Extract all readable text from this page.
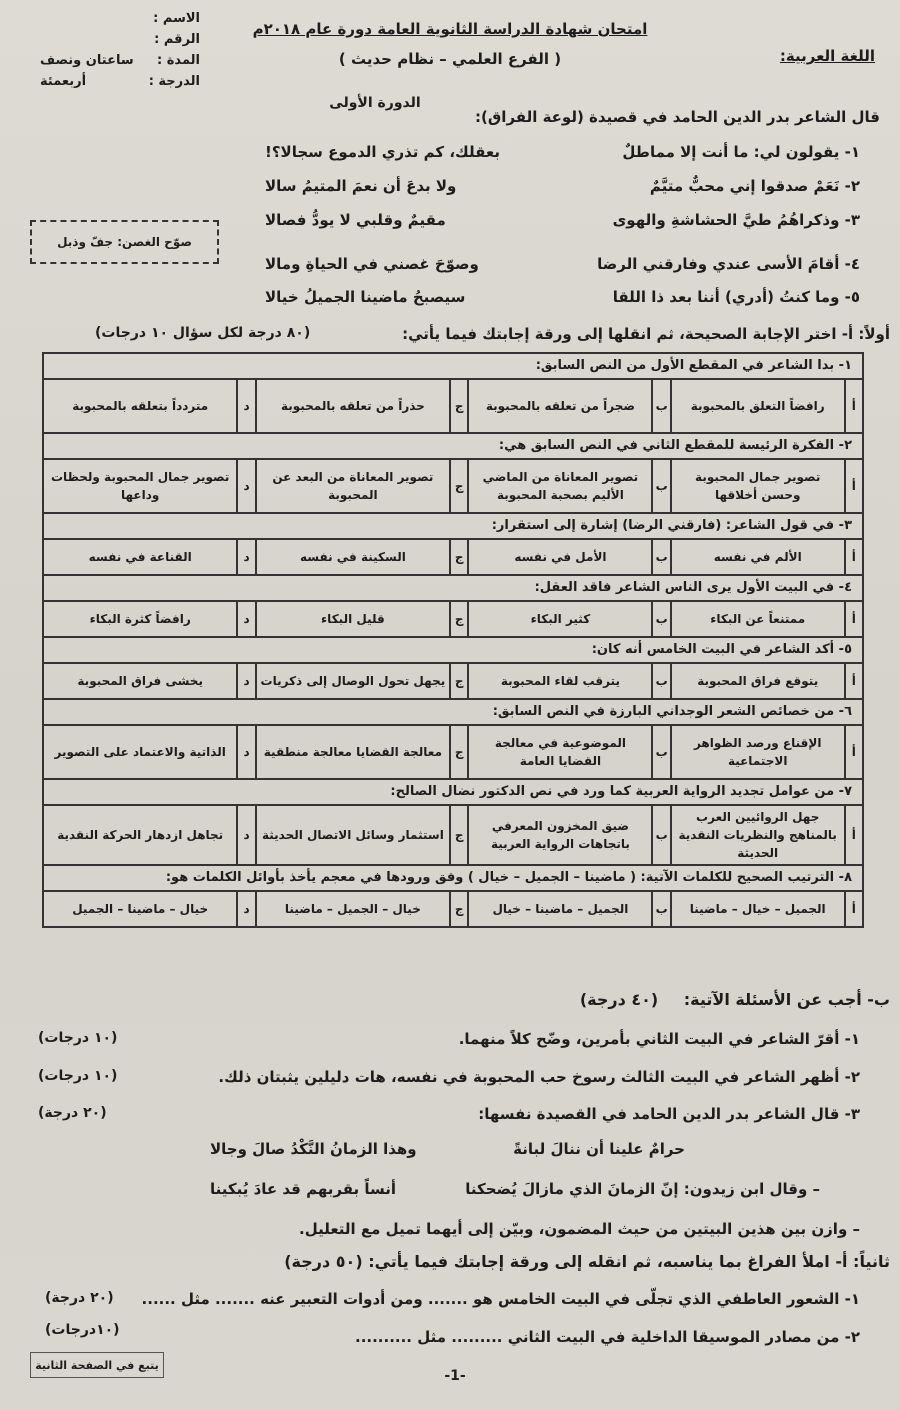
الاسم :
الرقم :
المدة :
ساعتان ونصف
الدرجة :
أربعمئة
امتحان شهادة الدراسة الثانوية العامة دورة عام ٢٠١٨م
( الفرع العلمي – نظام حديث )	اللغة العربية:
الدورة الأولى
قال الشاعر بدر الدين الحامد في قصيدة (لوعة الفراق):
١- يقولون لي: ما أنت إلا مماطلٌ
بعقلك، كم تذري الدموع سجالا؟!
٢- نَعَمْ صدقوا إني محبٌّ متيَّمٌ
ولا بدعَ أن نعمَ المتيمُ سالا
٣- وذكراهُمُ طيَّ الحشاشةِ والهوى
مقيمٌ وقلبي لا يودُّ فصالا
٤- أقامَ الأسى عندي وفارقني الرضا
وصوّحَ غصني في الحياةِ ومالا
٥- وما كنتُ (أدري) أننا بعد ذا اللقا
سيصبحُ ماضينا الجميلُ خيالا
صوّح الغصن: جفّ وذبل
أولاً: أ- اختر الإجابة الصحيحة، ثم انقلها إلى ورقة إجابتك فيما يأتي:
(٨٠ درجة لكل سؤال ١٠ درجات)
١- بدا الشاعر في المقطع الأول من النص السابق:							
أ	رافضاً التعلق بالمحبوبة	ب	ضجراً من تعلقه بالمحبوبة	ج	حذراً من تعلقه بالمحبوبة	د	متردداً بتعلقه بالمحبوبة
٢- الفكرة الرئيسة للمقطع الثاني في النص السابق هي:							
أ	تصوير جمال المحبوبة وحسن أخلاقها	ب	تصوير المعاناة من الماضي الأليم بصحبة المحبوبة	ج	تصوير المعاناة من البعد عن المحبوبة	د	تصوير جمال المحبوبة ولحظات وداعها
٣- في قول الشاعر: (فارقني الرضا) إشارة إلى استقرار:							
أ	الألم في نفسه	ب	الأمل في نفسه	ج	السكينة في نفسه	د	القناعة في نفسه
٤- في البيت الأول يرى الناس الشاعر فاقد العقل:							
أ	ممتنعاً عن البكاء	ب	كثير البكاء	ج	قليل البكاء	د	رافضاً كثرة البكاء
٥- أكد الشاعر في البيت الخامس أنه كان:							
أ	يتوقع فراق المحبوبة	ب	يترقب لقاء المحبوبة	ج	يجهل تحول الوصال إلى ذكريات	د	يخشى فراق المحبوبة
٦- من خصائص الشعر الوجداني البارزة في النص السابق:							
أ	الإقناع ورصد الظواهر الاجتماعية	ب	الموضوعية في معالجة القضايا العامة	ج	معالجة القضايا معالجة منطقية	د	الذاتية والاعتماد على التصوير
٧- من عوامل تجديد الرواية العربية كما ورد في نص الدكتور نضال الصالح:							
أ	جهل الروائيين العرب بالمناهج والنظريات النقدية الحديثة	ب	ضيق المخزون المعرفي باتجاهات الرواية العربية	ج	استثمار وسائل الاتصال الحديثة	د	تجاهل ازدهار الحركة النقدية
٨- الترتيب الصحيح للكلمات الآتية: ( ماضينا – الجميل – خيال ) وفق ورودها في معجم يأخذ بأوائل الكلمات هو:							
أ	الجميل – خيال – ماضينا	ب	الجميل – ماضينا – خيال	ج	خيال – الجميل – ماضينا	د	خيال – ماضينا – الجميل
ب- أجب عن الأسئلة الآتية: (٤٠ درجة)
١- أقرّ الشاعر في البيت الثاني بأمرين، وضّح كلاً منهما.
(١٠ درجات)
٢- أظهر الشاعر في البيت الثالث رسوخ حب المحبوبة في نفسه، هات دليلين يثبتان ذلك.
(١٠ درجات)
٣- قال الشاعر بدر الدين الحامد في القصيدة نفسها:
(٢٠ درجة)
حرامٌ علينا أن ننالَ لبانةً
وهذا الزمانُ النَّكْدُ صالَ وجالا
– وقال ابن زيدون: إنّ الزمانَ الذي مازالَ يُضحكنا
أنساً بقربهم قد عادَ يُبكينا
– وازن بين هذين البيتين من حيث المضمون، وبيّن إلى أيهما تميل مع التعليل.
ثانياً: أ- املأ الفراغ بما يناسبه، ثم انقله إلى ورقة إجابتك فيما يأتي: (٥٠ درجة)
١- الشعور العاطفي الذي تجلّى في البيت الخامس هو ....... ومن أدوات التعبير عنه ....... مثل ......
(٢٠ درجة)
٢- من مصادر الموسيقا الداخلية في البيت الثاني ......... مثل ..........
(١٠درجات)
يتبع في الصفحة الثانية
-1-
